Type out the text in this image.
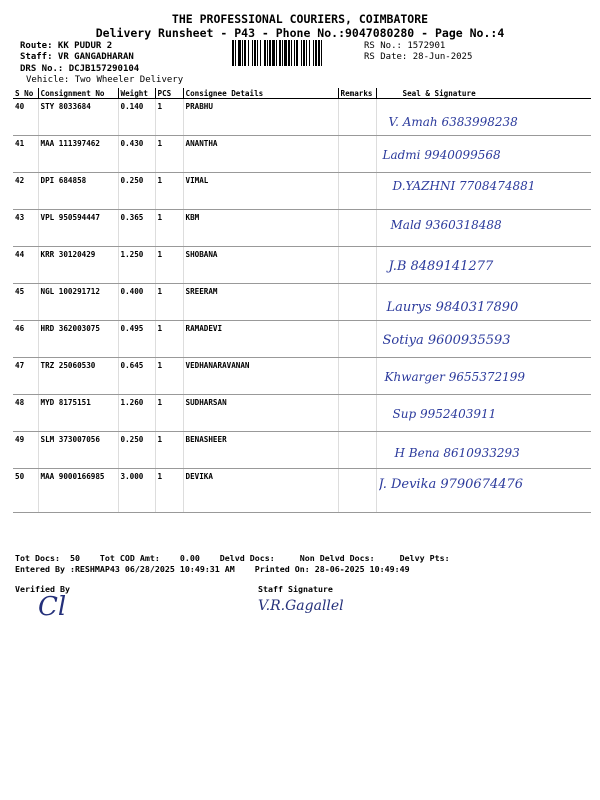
THE PROFESSIONAL COURIERS, COIMBATORE
Delivery Runsheet - P43 - Phone No.:9047080280 - Page No.:4
Route: KK PUDUR 2
Staff: VR GANGADHARAN
DRS No.: DCJB157290104
Vehicle: Two Wheeler Delivery
RS No.: 1572901
RS Date: 28-Jun-2025
S No	Consignment No	Weight	PCS	Consignee Details	Remarks	Seal & Signature
40	STY 8033684	0.140	1	PRABHU		V. Amah 6383998238

41	MAA 111397462	0.430	1	ANANTHA		Ladmi 9940099568

42	DPI 684858	0.250	1	VIMAL		D.YAZHNI 7708474881

43	VPL 950594447	0.365	1	KBM		Mald 9360318488

44	KRR 30120429	1.250	1	SHOBANA		J.B 8489141277

45	NGL 100291712	0.400	1	SREERAM		Laurys 9840317890

46	HRD 362003075	0.495	1	RAMADEVI		Sotiya 9600935593

47	TRZ 25060530	0.645	1	VEDHANARAVANAN		Khwarger 9655372199

48	MYD 8175151	1.260	1	SUDHARSAN		Sup 9952403911

49	SLM 373007056	0.250	1	BENASHEER		H Bena 8610933293

50	MAA 9000166985	3.000	1	DEVIKA		J. Devika 9790674476
Tot Docs:  50    Tot COD Amt:    0.00    Delvd Docs:     Non Delvd Docs:     Delvy Pts:
Entered By :RESHMAP43 06/28/2025 10:49:31 AM    Printed On: 28-06-2025 10:49:49
Verified By	Staff Signature
Cl	V.R.Gagallel
